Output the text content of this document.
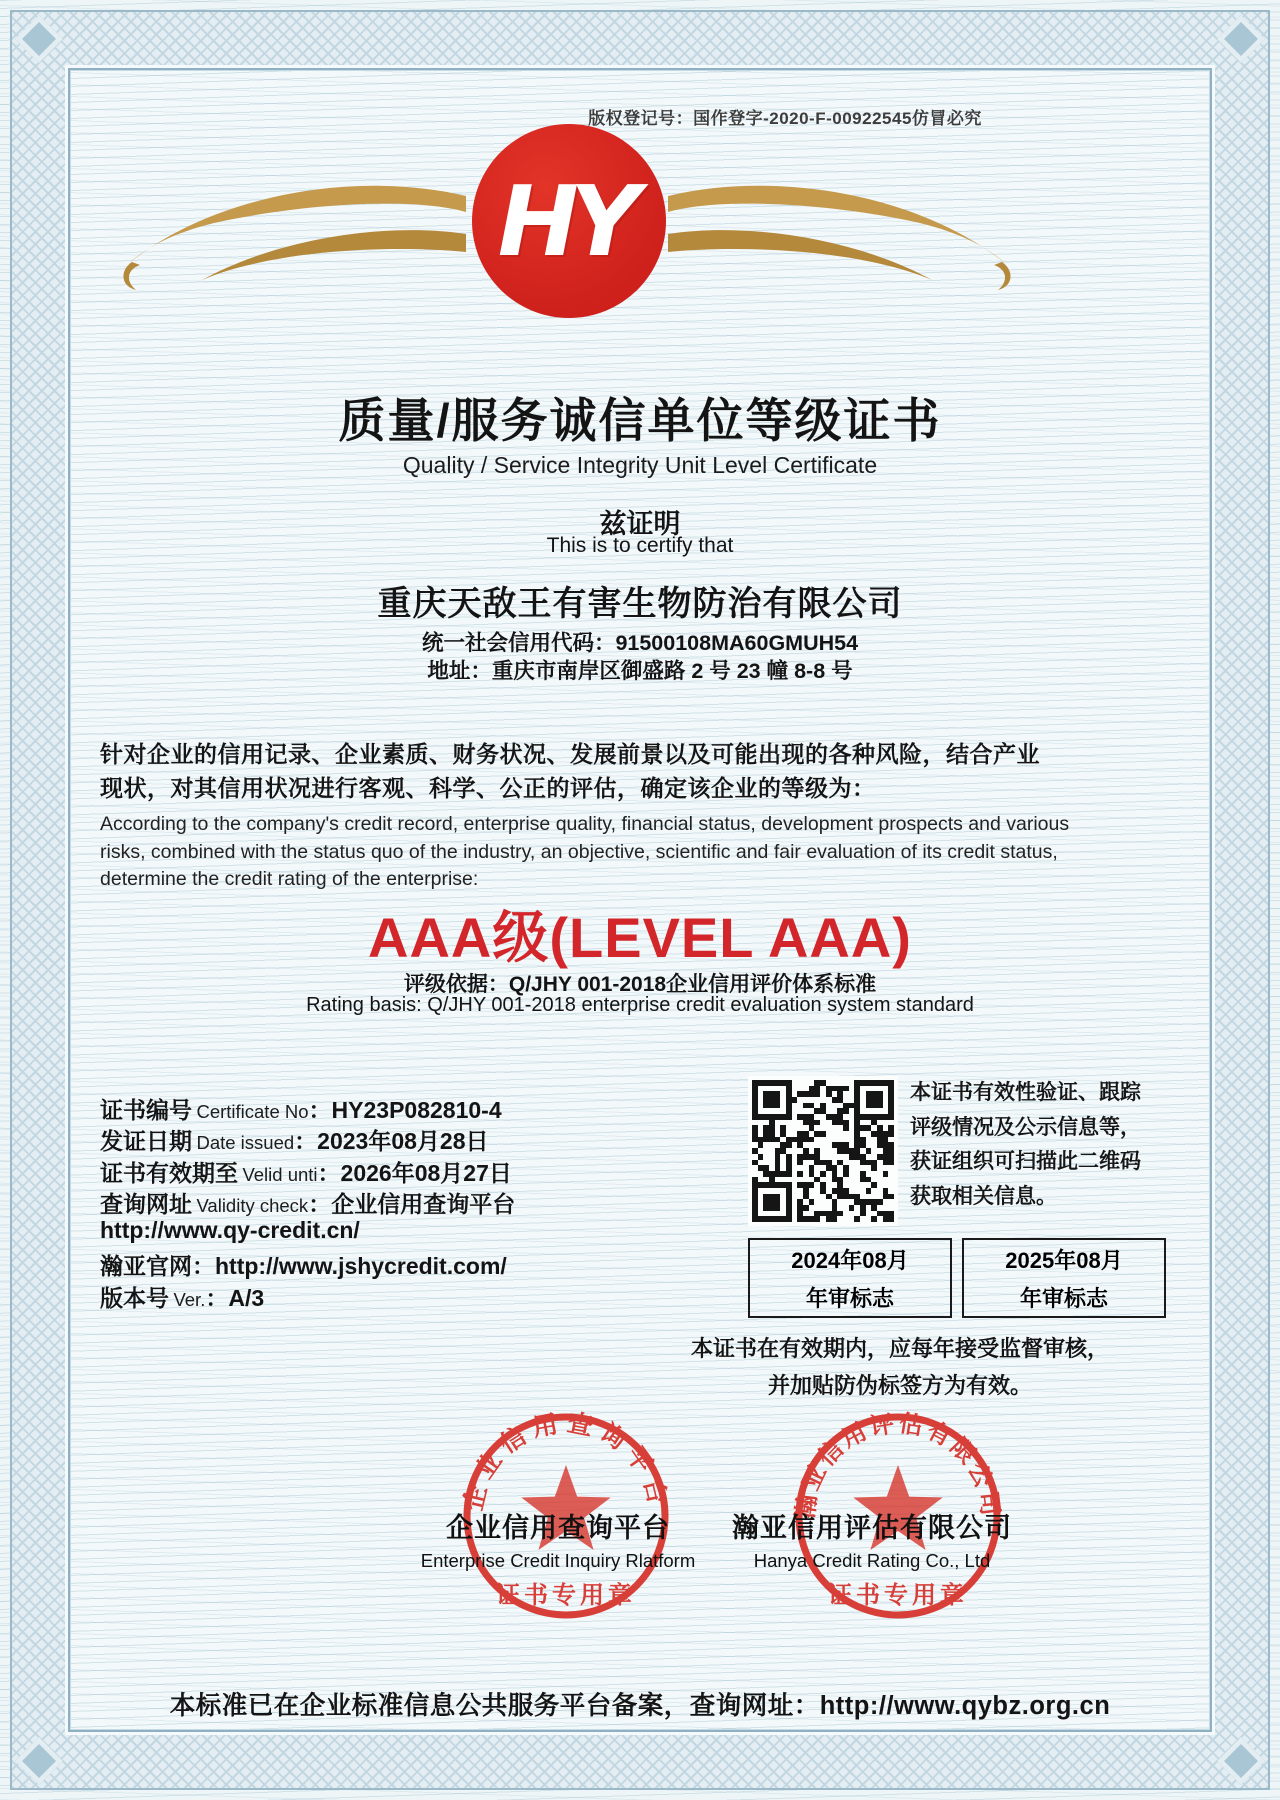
版权登记号：国作登字-2020-F-00922545仿冒必究
HY
质量/服务诚信单位等级证书
Quality / Service Integrity Unit Level Certificate
兹证明
This is to certify that
重庆天敌王有害生物防治有限公司
统一社会信用代码：91500108MA60GMUH54
地址：重庆市南岸区御盛路 2 号 23 幢 8-8 号
针对企业的信用记录、企业素质、财务状况、发展前景以及可能出现的各种风险，结合产业
现状，对其信用状况进行客观、科学、公正的评估，确定该企业的等级为：
According to the company's credit record, enterprise quality, financial status, development prospects and various
risks, combined with the status quo of the industry, an objective, scientific and fair evaluation of its credit status,
determine the credit rating of the enterprise:
AAA级(LEVEL AAA)
评级依据：Q/JHY 001-2018企业信用评价体系标准
Rating basis: Q/JHY 001-2018 enterprise credit evaluation system standard
证书编号 Certificate No：HY23P082810-4
发证日期 Date issued：2023年08月28日
证书有效期至 Velid unti：2026年08月27日
查询网址 Validity check：企业信用查询平台
http://www.qy-credit.cn/
瀚亚官网：http://www.jshycredit.com/
版本号 Ver.：A/3
本证书有效性验证、跟踪
评级情况及公示信息等，
获证组织可扫描此二维码
获取相关信息。
2024年08月
年审标志
2025年08月
年审标志
本证书在有效期内，应每年接受监督审核，
并加贴防伪标签方为有效。
企业信用查询平台
证书专用章
瀚亚信用评估有限公司
证书专用章
企业信用查询平台
Enterprise Credit Inquiry Rlatform
瀚亚信用评估有限公司
Hanya Credit Rating Co., Ltd
本标准已在企业标准信息公共服务平台备案，查询网址：http://www.qybz.org.cn
